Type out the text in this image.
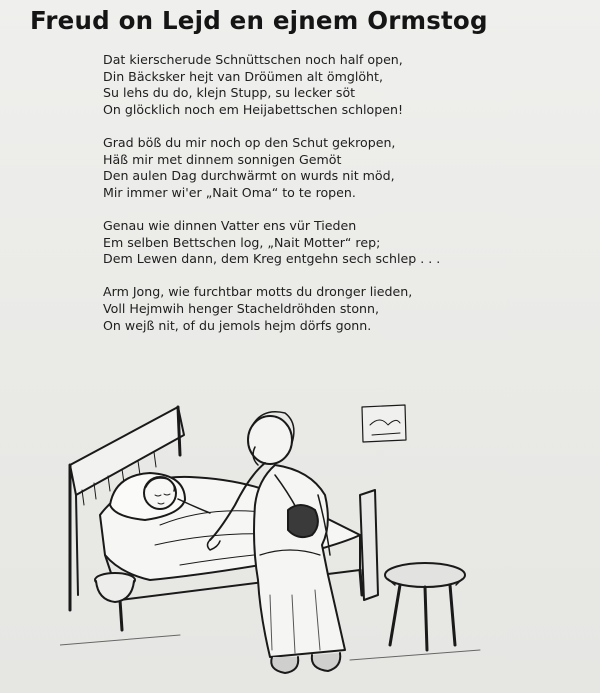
Freud on Lejd en ejnem Ormstog
Dat kierscherude Schnüttschen noch half open,
Din Bäcksker hejt van Dröümen alt ömglöht,
Su lehs du do, klejn Stupp, su lecker söt
On glöcklich noch em Heijabettschen schlopen!
Grad böß du mir noch op den Schut gekropen,
Häß mir met dinnem sonnigen Gemöt
Den aulen Dag durchwärmt on wurds nit möd,
Mir immer wi'er „Nait Oma“ to te ropen.
Genau wie dinnen Vatter ens vür Tieden
Em selben Bettschen log, „Nait Motter“ rep;
Dem Lewen dann, dem Kreg entgehn sech schlep . . .
Arm Jong, wie furchtbar motts du dronger lieden,
Voll Hejmwih henger Stacheldröhden stonn,
On wejß nit, of du jemols hejm dörfs gonn.
